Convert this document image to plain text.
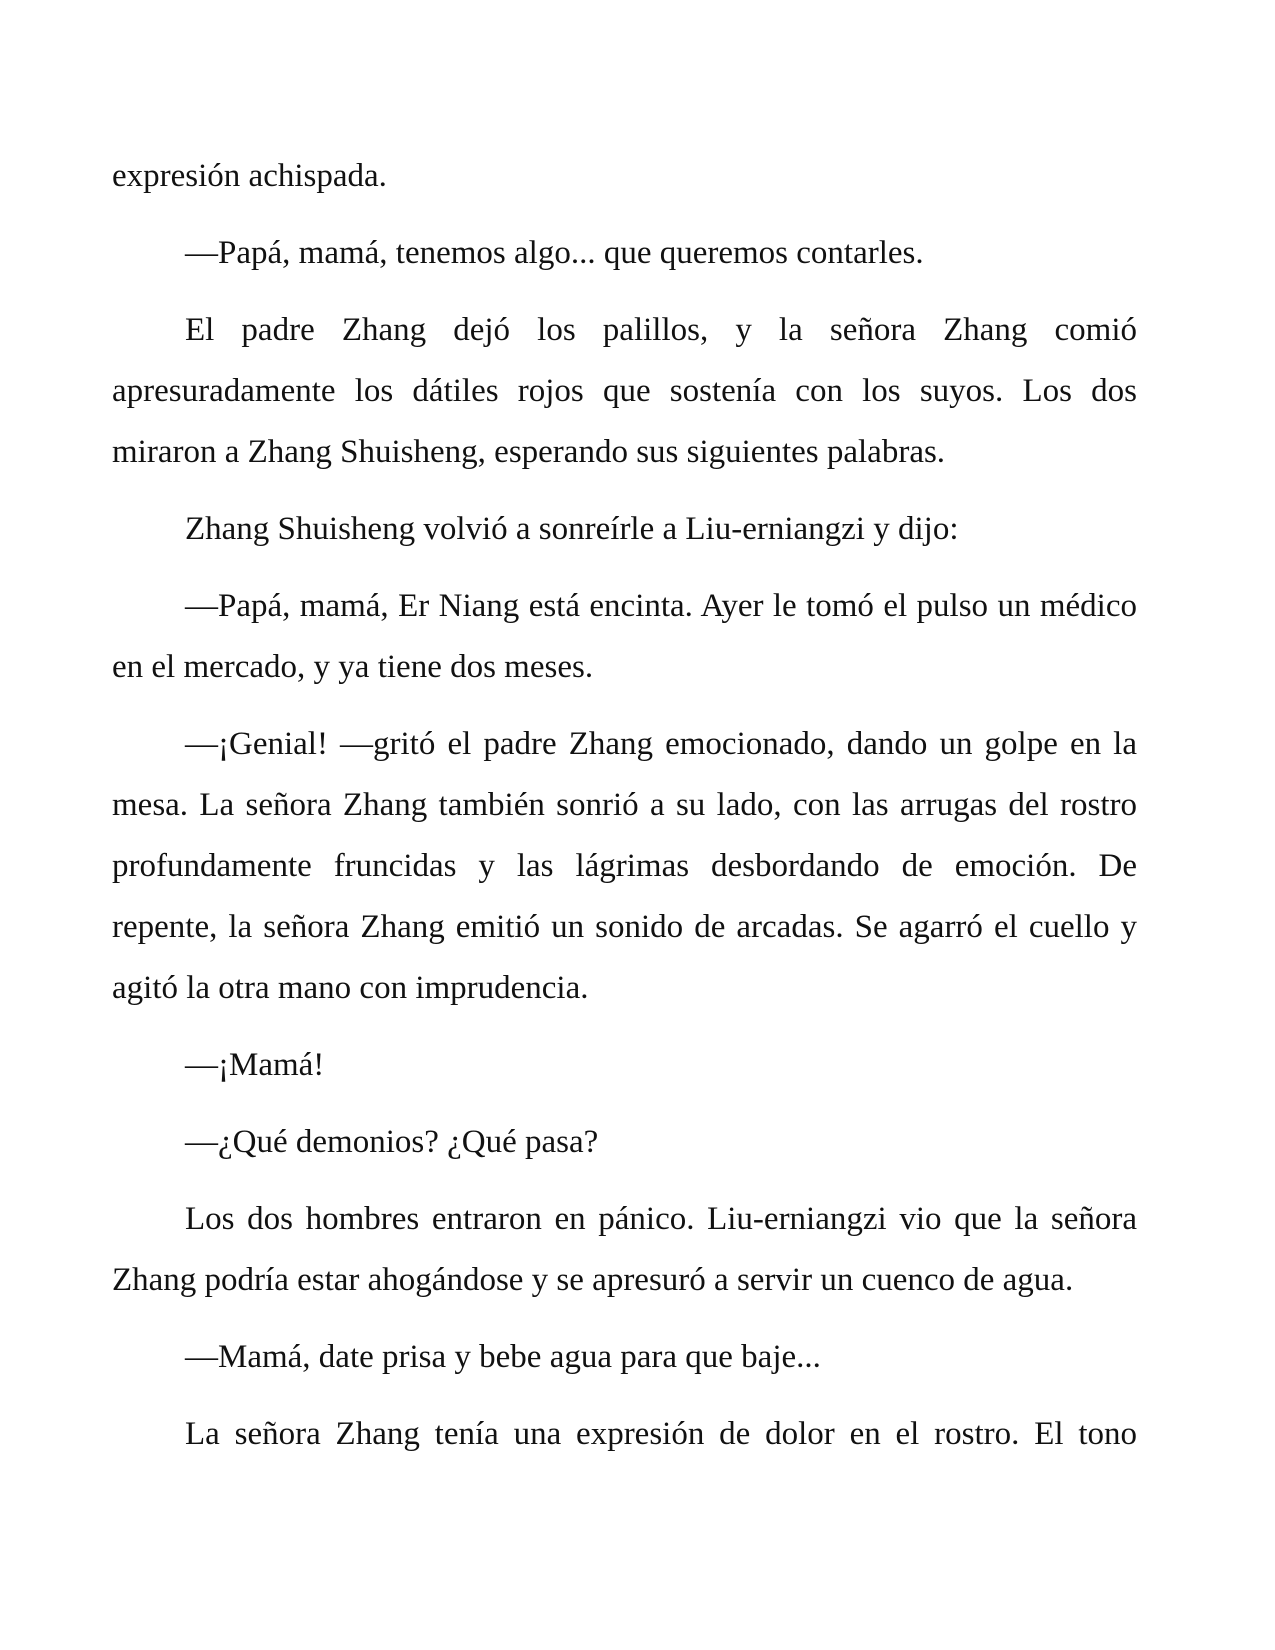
expresión achispada.

—Papá, mamá, tenemos algo... que queremos contarles.

El padre Zhang dejó los palillos, y la señora Zhang comió apresuradamente los dátiles rojos que sostenía con los suyos. Los dos miraron a Zhang Shuisheng, esperando sus siguientes palabras.

Zhang Shuisheng volvió a sonreírle a Liu-erniangzi y dijo:

—Papá, mamá, Er Niang está encinta. Ayer le tomó el pulso un médico en el mercado, y ya tiene dos meses.

—¡Genial! —gritó el padre Zhang emocionado, dando un golpe en la mesa. La señora Zhang también sonrió a su lado, con las arrugas del rostro profundamente fruncidas y las lágrimas desbordando de emoción. De repente, la señora Zhang emitió un sonido de arcadas. Se agarró el cuello y agitó la otra mano con imprudencia.

—¡Mamá!

—¿Qué demonios? ¿Qué pasa?

Los dos hombres entraron en pánico. Liu-erniangzi vio que la señora Zhang podría estar ahogándose y se apresuró a servir un cuenco de agua.

—Mamá, date prisa y bebe agua para que baje...

La señora Zhang tenía una expresión de dolor en el rostro. El tono
